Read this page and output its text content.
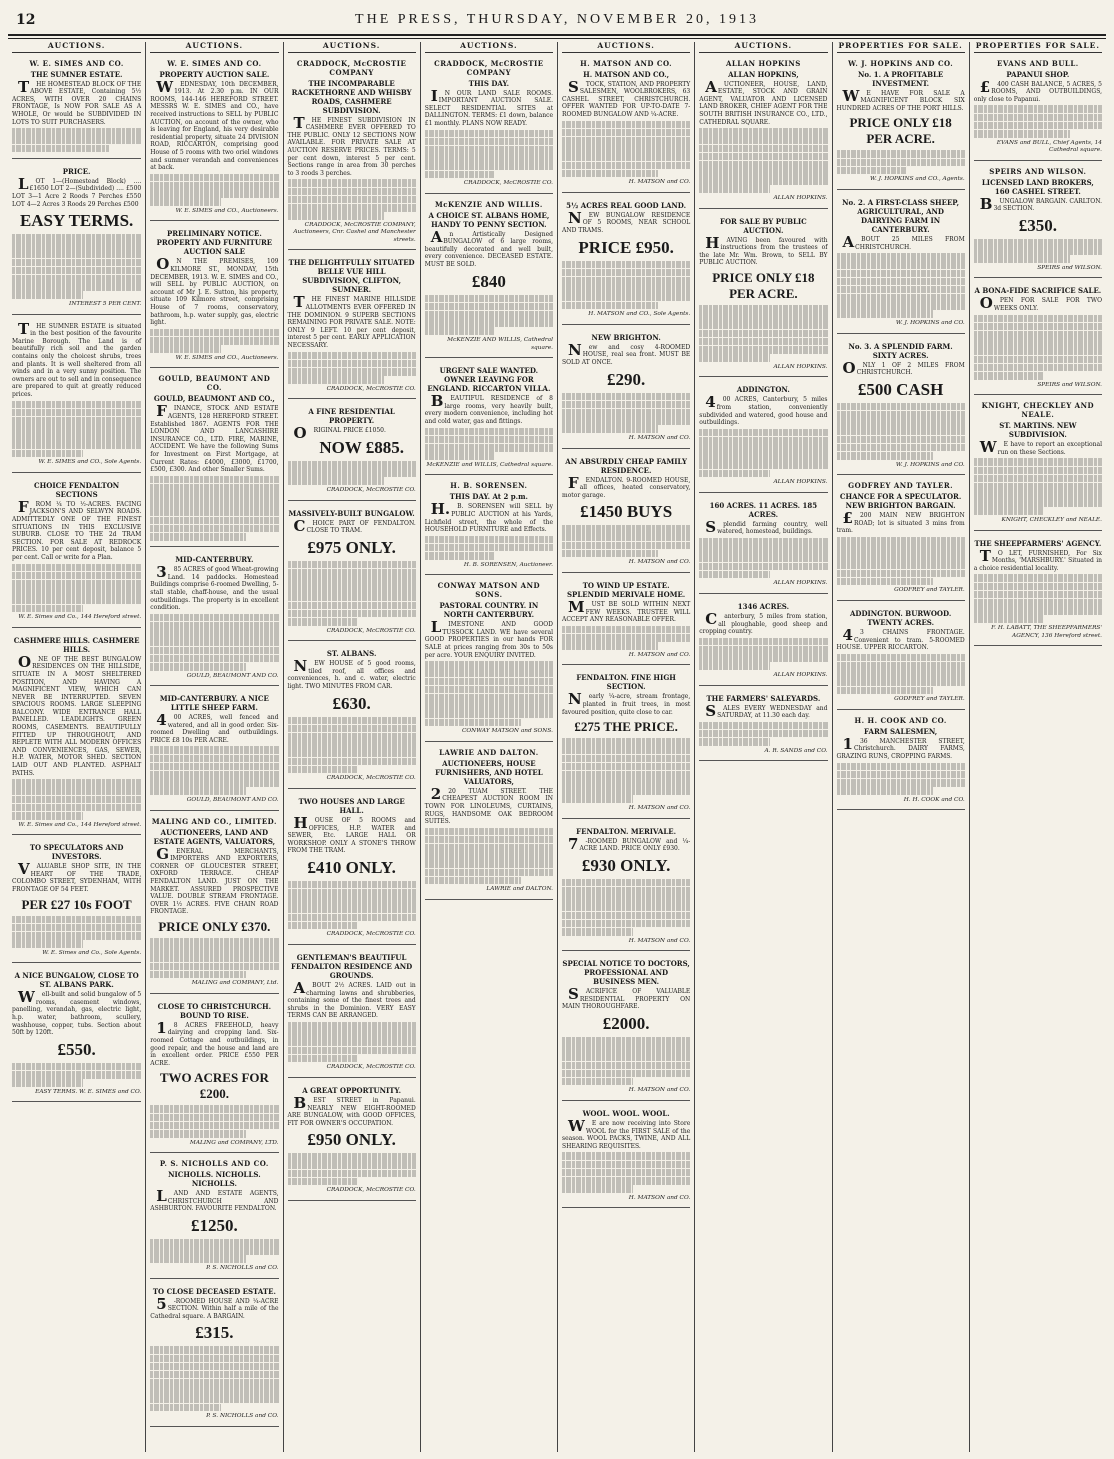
12	THE PRESS, THURSDAY, NOVEMBER 20, 1913
AUCTIONS.
W. E. SIMES AND CO.
THE SUMNER ESTATE.
THE HOMESTEAD BLOCK OF THE ABOVE ESTATE, Containing 5½ ACRES, WITH OVER 20 CHAINS FRONTAGE, Is NOW FOR SALE AS A WHOLE, Or would be SUBDIVIDED IN LOTS TO SUIT PURCHASERS.
PRICE.
LOT 1—(Homestead Block) .... £1650 LOT 2—(Subdivided) .... £500 LOT 3—1 Acre 2 Roods 7 Perches £550 LOT 4—2 Acres 3 Roods 29 Perches £500
EASY TERMS.
INTEREST 5 PER CENT.
THE SUMNER ESTATE is situated in the best position of the favourite Marine Borough. The Land is of beautifully rich soil and the garden contains only the choicest shrubs, trees and plants. It is well sheltered from all winds and in a very sunny position. The owners are out to sell and in consequence are prepared to quit at greatly reduced prices.
W. E. SIMES and CO., Sole Agents.
CHOICE FENDALTON SECTIONS
FROM ¼ TO ½-ACRES. FACING JACKSON'S AND SELWYN ROADS. ADMITTEDLY ONE OF THE FINEST SITUATIONS IN THIS EXCLUSIVE SUBURB. CLOSE TO THE 2d TRAM SECTION. FOR SALE AT REDROCK PRICES. 10 per cent deposit, balance 5 per cent. Call or write for a Plan.
W. E. Simes and Co., 144 Hereford street.
CASHMERE HILLS. CASHMERE HILLS.
ONE OF THE BEST BUNGALOW RESIDENCES ON THE HILLSIDE, SITUATE IN A MOST SHELTERED POSITION, AND HAVING A MAGNIFICENT VIEW, WHICH CAN NEVER BE INTERRUPTED. SEVEN SPACIOUS ROOMS. LARGE SLEEPING BALCONY. WIDE ENTRANCE HALL PANELLED. LEADLIGHTS. GREEN ROOMS, CASEMENTS. BEAUTIFULLY FITTED UP THROUGHOUT, AND REPLETE WITH ALL MODERN OFFICES AND CONVENIENCES, GAS, SEWER, H.P. WATER, MOTOR SHED. SECTION LAID OUT AND PLANTED. ASPHALT PATHS.
W. E. Simes and Co., 144 Hereford street.
TO SPECULATORS AND INVESTORS.
VALUABLE SHOP SITE, IN THE HEART OF THE TRADE, COLOMBO STREET, SYDENHAM, WITH FRONTAGE OF 54 FEET.
PER £27 10s FOOT
W. E. Simes and Co., Sole Agents.
A NICE BUNGALOW, CLOSE TO ST. ALBANS PARK.
Well-built and solid bungalow of 5 rooms, casement windows, panelling, verandah, gas, electric light, h.p. water, bathroom, scullery, washhouse, copper, tubs. Section about 50ft by 120ft.
£550.
EASY TERMS. W. E. SIMES and CO.
AUCTIONS.
W. E. SIMES AND CO.
PROPERTY AUCTION SALE.
WEDNESDAY, 10th DECEMBER, 1913. At 2.30 p.m. IN OUR ROOMS, 144-146 HEREFORD STREET. MESSRS W. E. SIMES and CO., have received instructions to SELL by PUBLIC AUCTION, on account of the owner, who is leaving for England, his very desirable residential property, situate 24 DIVISION ROAD, RICCARTON, comprising good House of 5 rooms with two oriel windows and summer verandah and conveniences at back.
W. E. SIMES and CO., Auctioneers.
PRELIMINARY NOTICE. PROPERTY AND FURNITURE AUCTION SALE
ON THE PREMISES, 109 KILMORE ST., MONDAY, 15th DECEMBER, 1913. W. E. SIMES and CO., will SELL by PUBLIC AUCTION, on account of Mr J. E. Sutton, his property, situate 109 Kilmore street, comprising House of 7 rooms, conservatory, bathroom, h.p. water supply, gas, electric light.
W. E. SIMES and CO., Auctioneers.
GOULD, BEAUMONT AND CO.
GOULD, BEAUMONT AND CO.,
FINANCE, STOCK AND ESTATE AGENTS, 128 HEREFORD STREET. Established 1867. AGENTS FOR THE LONDON AND LANCASHIRE INSURANCE CO., LTD. FIRE, MARINE, ACCIDENT. We have the following Sums for Investment on First Mortgage, at Current Rates: £4000, £3000, £1700, £500, £300. And other Smaller Sums.
MID-CANTERBURY.
385 ACRES of good Wheat-growing Land. 14 paddocks. Homestead Buildings comprise 6-roomed Dwelling, 5-stall stable, chaff-house, and the usual outbuildings. The property is in excellent condition.
GOULD, BEAUMONT AND CO.
MID-CANTERBURY. A NICE LITTLE SHEEP FARM.
400 ACRES, well fenced and watered, and all in good order. Six-roomed Dwelling and outbuildings. PRICE £8 10s PER ACRE.
GOULD, BEAUMONT AND CO.
MALING AND CO., LIMITED.
AUCTIONEERS, LAND AND ESTATE AGENTS, VALUATORS,
GENERAL MERCHANTS, IMPORTERS AND EXPORTERS, CORNER OF GLOUCESTER STREET, OXFORD TERRACE. CHEAP FENDALTON LAND. JUST ON THE MARKET. ASSURED PROSPECTIVE VALUE. DOUBLE STREAM FRONTAGE. OVER 1½ ACRES. FIVE CHAIN ROAD FRONTAGE.
PRICE ONLY £370.
MALING and COMPANY, Ltd.
CLOSE TO CHRISTCHURCH. BOUND TO RISE.
18 ACRES FREEHOLD, heavy dairying and cropping land. Six-roomed Cottage and outbuildings, in good repair, and the house and land are in excellent order. PRICE £550 PER ACRE.
TWO ACRES FOR £200.
MALING and COMPANY, LTD.
P. S. NICHOLLS AND CO.
NICHOLLS. NICHOLLS. NICHOLLS.
LAND AND ESTATE AGENTS, CHRISTCHURCH AND ASHBURTON. FAVOURITE FENDALTON.
£1250.
P. S. NICHOLLS and CO.
TO CLOSE DECEASED ESTATE.
5-ROOMED HOUSE AND ¼-ACRE SECTION. Within half a mile of the Cathedral square. A BARGAIN.
£315.
P. S. NICHOLLS and CO.
AUCTIONS.
CRADDOCK, McCROSTIE COMPANY
THE INCOMPARABLE RACKETHORNE AND WHISBY ROADS, CASHMERE SUBDIVISION.
THE FINEST SUBDIVISION IN CASHMERE EVER OFFERED TO THE PUBLIC. ONLY 12 SECTIONS NOW AVAILABLE. FOR PRIVATE SALE AT AUCTION RESERVE PRICES. TERMS: 5 per cent down, interest 5 per cent. Sections range in area from 30 perches to 3 roods 3 perches.
CRADDOCK, McCROSTIE COMPANY, Auctioneers, Cnr. Cashel and Manchester streets.
THE DELIGHTFULLY SITUATED BELLE VUE HILL SUBDIVISION, CLIFTON, SUMNER.
THE FINEST MARINE HILLSIDE ALLOTMENTS EVER OFFERED IN THE DOMINION. 9 SUPERB SECTIONS REMAINING FOR PRIVATE SALE. NOTE: ONLY 9 LEFT. 10 per cent deposit, interest 5 per cent. EARLY APPLICATION NECESSARY.
CRADDOCK, McCROSTIE CO.
A FINE RESIDENTIAL PROPERTY.
ORIGINAL PRICE £1050.
NOW £885.
CRADDOCK, McCROSTIE CO.
MASSIVELY-BUILT BUNGALOW.
CHOICE PART OF FENDALTON. CLOSE TO TRAM.
£975 ONLY.
CRADDOCK, McCROSTIE CO.
ST. ALBANS.
NEW HOUSE of 5 good rooms, tiled roof, all offices and conveniences, h. and c. water, electric light. TWO MINUTES FROM CAR.
£630.
CRADDOCK, McCROSTIE CO.
TWO HOUSES AND LARGE HALL.
HOUSE OF 5 ROOMS and OFFICES, H.P. WATER and SEWER, Etc. LARGE HALL OR WORKSHOP. ONLY A STONE'S THROW FROM THE TRAM.
£410 ONLY.
CRADDOCK, McCROSTIE CO.
GENTLEMAN'S BEAUTIFUL FENDALTON RESIDENCE AND GROUNDS.
ABOUT 2½ ACRES. LAID out in charming lawns and shrubberies, containing some of the finest trees and shrubs in the Dominion. VERY EASY TERMS CAN BE ARRANGED.
CRADDOCK, McCROSTIE CO.
A GREAT OPPORTUNITY.
BEST STREET in Papanui. NEARLY NEW EIGHT-ROOMED ARE BUNGALOW, with GOOD OFFICES, FIT FOR OWNER'S OCCUPATION.
£950 ONLY.
CRADDOCK, McCROSTIE CO.
AUCTIONS.
CRADDOCK, McCROSTIE COMPANY
THIS DAY.
IN OUR LAND SALE ROOMS. IMPORTANT AUCTION SALE. SELECT RESIDENTIAL SITES at DALLINGTON. TERMS: £1 down, balance £1 monthly. PLANS NOW READY.
CRADDOCK, McCROSTIE CO.
McKENZIE AND WILLIS.
A CHOICE ST. ALBANS HOME, HANDY TO PENNY SECTION.
An Artistically Designed BUNGALOW of 6 large rooms, beautifully decorated and well built, every convenience. DECEASED ESTATE. MUST BE SOLD.
£840
McKENZIE AND WILLIS, Cathedral square.
URGENT SALE WANTED. OWNER LEAVING FOR ENGLAND. RICCARTON VILLA.
BEAUTIFUL RESIDENCE of 8 large rooms, very heavily built, every modern convenience, including hot and cold water, gas and fittings.
McKENZIE and WILLIS, Cathedral square.
H. B. SORENSEN.
THIS DAY. At 2 p.m.
H.B. SORENSEN will SELL by PUBLIC AUCTION at his Yards, Lichfield street, the whole of the HOUSEHOLD FURNITURE and Effects.
H. B. SORENSEN, Auctioneer.
CONWAY MATSON AND SONS.
PASTORAL COUNTRY. IN NORTH CANTERBURY.
LIMESTONE AND GOOD TUSSOCK LAND. WE have several GOOD PROPERTIES in our hands FOR SALE at prices ranging from 30s to 50s per acre. YOUR ENQUIRY INVITED.
CONWAY MATSON and SONS.
LAWRIE AND DALTON.
AUCTIONEERS, HOUSE FURNISHERS, AND HOTEL VALUATORS,
220 TUAM STREET. THE CHEAPEST AUCTION ROOM IN TOWN FOR LINOLEUMS, CURTAINS, RUGS, HANDSOME OAK BEDROOM SUITES.
LAWRIE and DALTON.
AUCTIONS.
H. MATSON AND CO.
H. MATSON AND CO.,
STOCK, STATION, AND PROPERTY SALESMEN, WOOLBROKERS, 63 CASHEL STREET, CHRISTCHURCH. OFFER WANTED FOR UP-TO-DATE 7-ROOMED BUNGALOW AND ¼-ACRE.
H. MATSON and CO.
5½ ACRES REAL GOOD LAND.
NEW BUNGALOW RESIDENCE OF 5 ROOMS, NEAR SCHOOL AND TRAMS.
PRICE £950.
H. MATSON and CO., Sole Agents.
NEW BRIGHTON.
New and cosy 4-ROOMED HOUSE, real sea front. MUST BE SOLD AT ONCE.
£290.
H. MATSON and CO.
AN ABSURDLY CHEAP FAMILY RESIDENCE.
FENDALTON. 9-ROOMED HOUSE, all offices, heated conservatory, motor garage.
£1450 BUYS
H. MATSON and CO.
TO WIND UP ESTATE. SPLENDID MERIVALE HOME.
MUST BE SOLD WITHIN NEXT FEW WEEKS. TRUSTEE WILL ACCEPT ANY REASONABLE OFFER.
H. MATSON and CO.
FENDALTON. FINE HIGH SECTION.
Nearly ¼-acre, stream frontage, planted in fruit trees, in most favoured position, quite close to car.
£275 THE PRICE.
H. MATSON and CO.
FENDALTON. MERIVALE.
7-ROOMED BUNGALOW and ¼-ACRE LAND. PRICE ONLY £930.
£930 ONLY.
H. MATSON and CO.
SPECIAL NOTICE TO DOCTORS, PROFESSIONAL AND BUSINESS MEN.
SACRIFICE OF VALUABLE RESIDENTIAL PROPERTY ON MAIN THOROUGHFARE.
£2000.
H. MATSON and CO.
WOOL. WOOL. WOOL.
WE are now receiving into Store WOOL for the FIRST SALE of the season. WOOL PACKS, TWINE, AND ALL SHEARING REQUISITES.
H. MATSON and CO.
AUCTIONS.
ALLAN HOPKINS
ALLAN HOPKINS,
AUCTIONEER, HOUSE, LAND, ESTATE, STOCK AND GRAIN AGENT, VALUATOR AND LICENSED LAND BROKER, CHIEF AGENT FOR THE SOUTH BRITISH INSURANCE CO., LTD., CATHEDRAL SQUARE.
ALLAN HOPKINS.
FOR SALE BY PUBLIC AUCTION.
HAVING been favoured with instructions from the trustees of the late Mr. Wm. Brown, to SELL BY PUBLIC AUCTION.
PRICE ONLY £18 PER ACRE.
ALLAN HOPKINS.
ADDINGTON.
400 ACRES, Canterbury, 5 miles from station, conveniently subdivided and watered, good house and outbuildings.
ALLAN HOPKINS.
160 ACRES. 11 ACRES. 185 ACRES.
Splendid farming country, well watered, homestead, buildings.
ALLAN HOPKINS.
1346 ACRES.
Canterbury, 5 miles from station, all ploughable, good sheep and cropping country.
ALLAN HOPKINS.
THE FARMERS' SALEYARDS.
SALES EVERY WEDNESDAY and SATURDAY, at 11.30 each day.
A. R. SANDS and CO.
PROPERTIES FOR SALE.
W. J. HOPKINS AND CO.
No. 1. A PROFITABLE INVESTMENT.
WE HAVE FOR SALE A MAGNIFICENT BLOCK SIX HUNDRED ACRES OF THE PORT HILLS.
PRICE ONLY £18 PER ACRE.
W. J. HOPKINS and CO., Agents.
No. 2. A FIRST-CLASS SHEEP, AGRICULTURAL, AND DAIRYING FARM IN CANTERBURY.
ABOUT 25 MILES FROM CHRISTCHURCH.
W. J. HOPKINS and CO.
No. 3. A SPLENDID FARM. SIXTY ACRES.
ONLY 1 OF 2 MILES FROM CHRISTCHURCH.
£500 CASH
W. J. HOPKINS and CO.
GODFREY AND TAYLER.
CHANCE FOR A SPECULATOR. NEW BRIGHTON BARGAIN.
£200 MAIN NEW BRIGHTON ROAD; lot is situated 3 mins from tram.
GODFREY and TAYLER.
ADDINGTON. BURWOOD. TWENTY ACRES.
43 CHAINS FRONTAGE. Convenient to tram. 5-ROOMED HOUSE. UPPER RICCARTON.
GODFREY and TAYLER.
H. H. COOK AND CO.
FARM SALESMEN,
136 MANCHESTER STREET, Christchurch. DAIRY FARMS, GRAZING RUNS, CROPPING FARMS.
H. H. COOK and CO.
PROPERTIES FOR SALE.
EVANS AND BULL.
PAPANUI SHOP.
£400 CASH BALANCE, 5 ACRES, 5 ROOMS, AND OUTBUILDINGS, only close to Papanui.
EVANS and BULL, Chief Agents, 14 Cathedral square.
SPEIRS AND WILSON.
LICENSED LAND BROKERS, 160 CASHEL STREET.
BUNGALOW BARGAIN. CARLTON. 3d SECTION.
£350.
SPEIRS and WILSON.
A BONA-FIDE SACRIFICE SALE.
OPEN FOR SALE FOR TWO WEEKS ONLY.
SPEIRS and WILSON.
KNIGHT, CHECKLEY AND NEALE.
ST. MARTINS. NEW SUBDIVISION.
WE have to report an exceptional run on these Sections.
KNIGHT, CHECKLEY and NEALE.
THE SHEEPFARMERS' AGENCY.
TO LET, FURNISHED, For Six Months, 'MARSHBURY.' Situated in a choice residential locality.
F. H. LABATT, THE SHEEPFARMERS' AGENCY, 136 Hereford street.
